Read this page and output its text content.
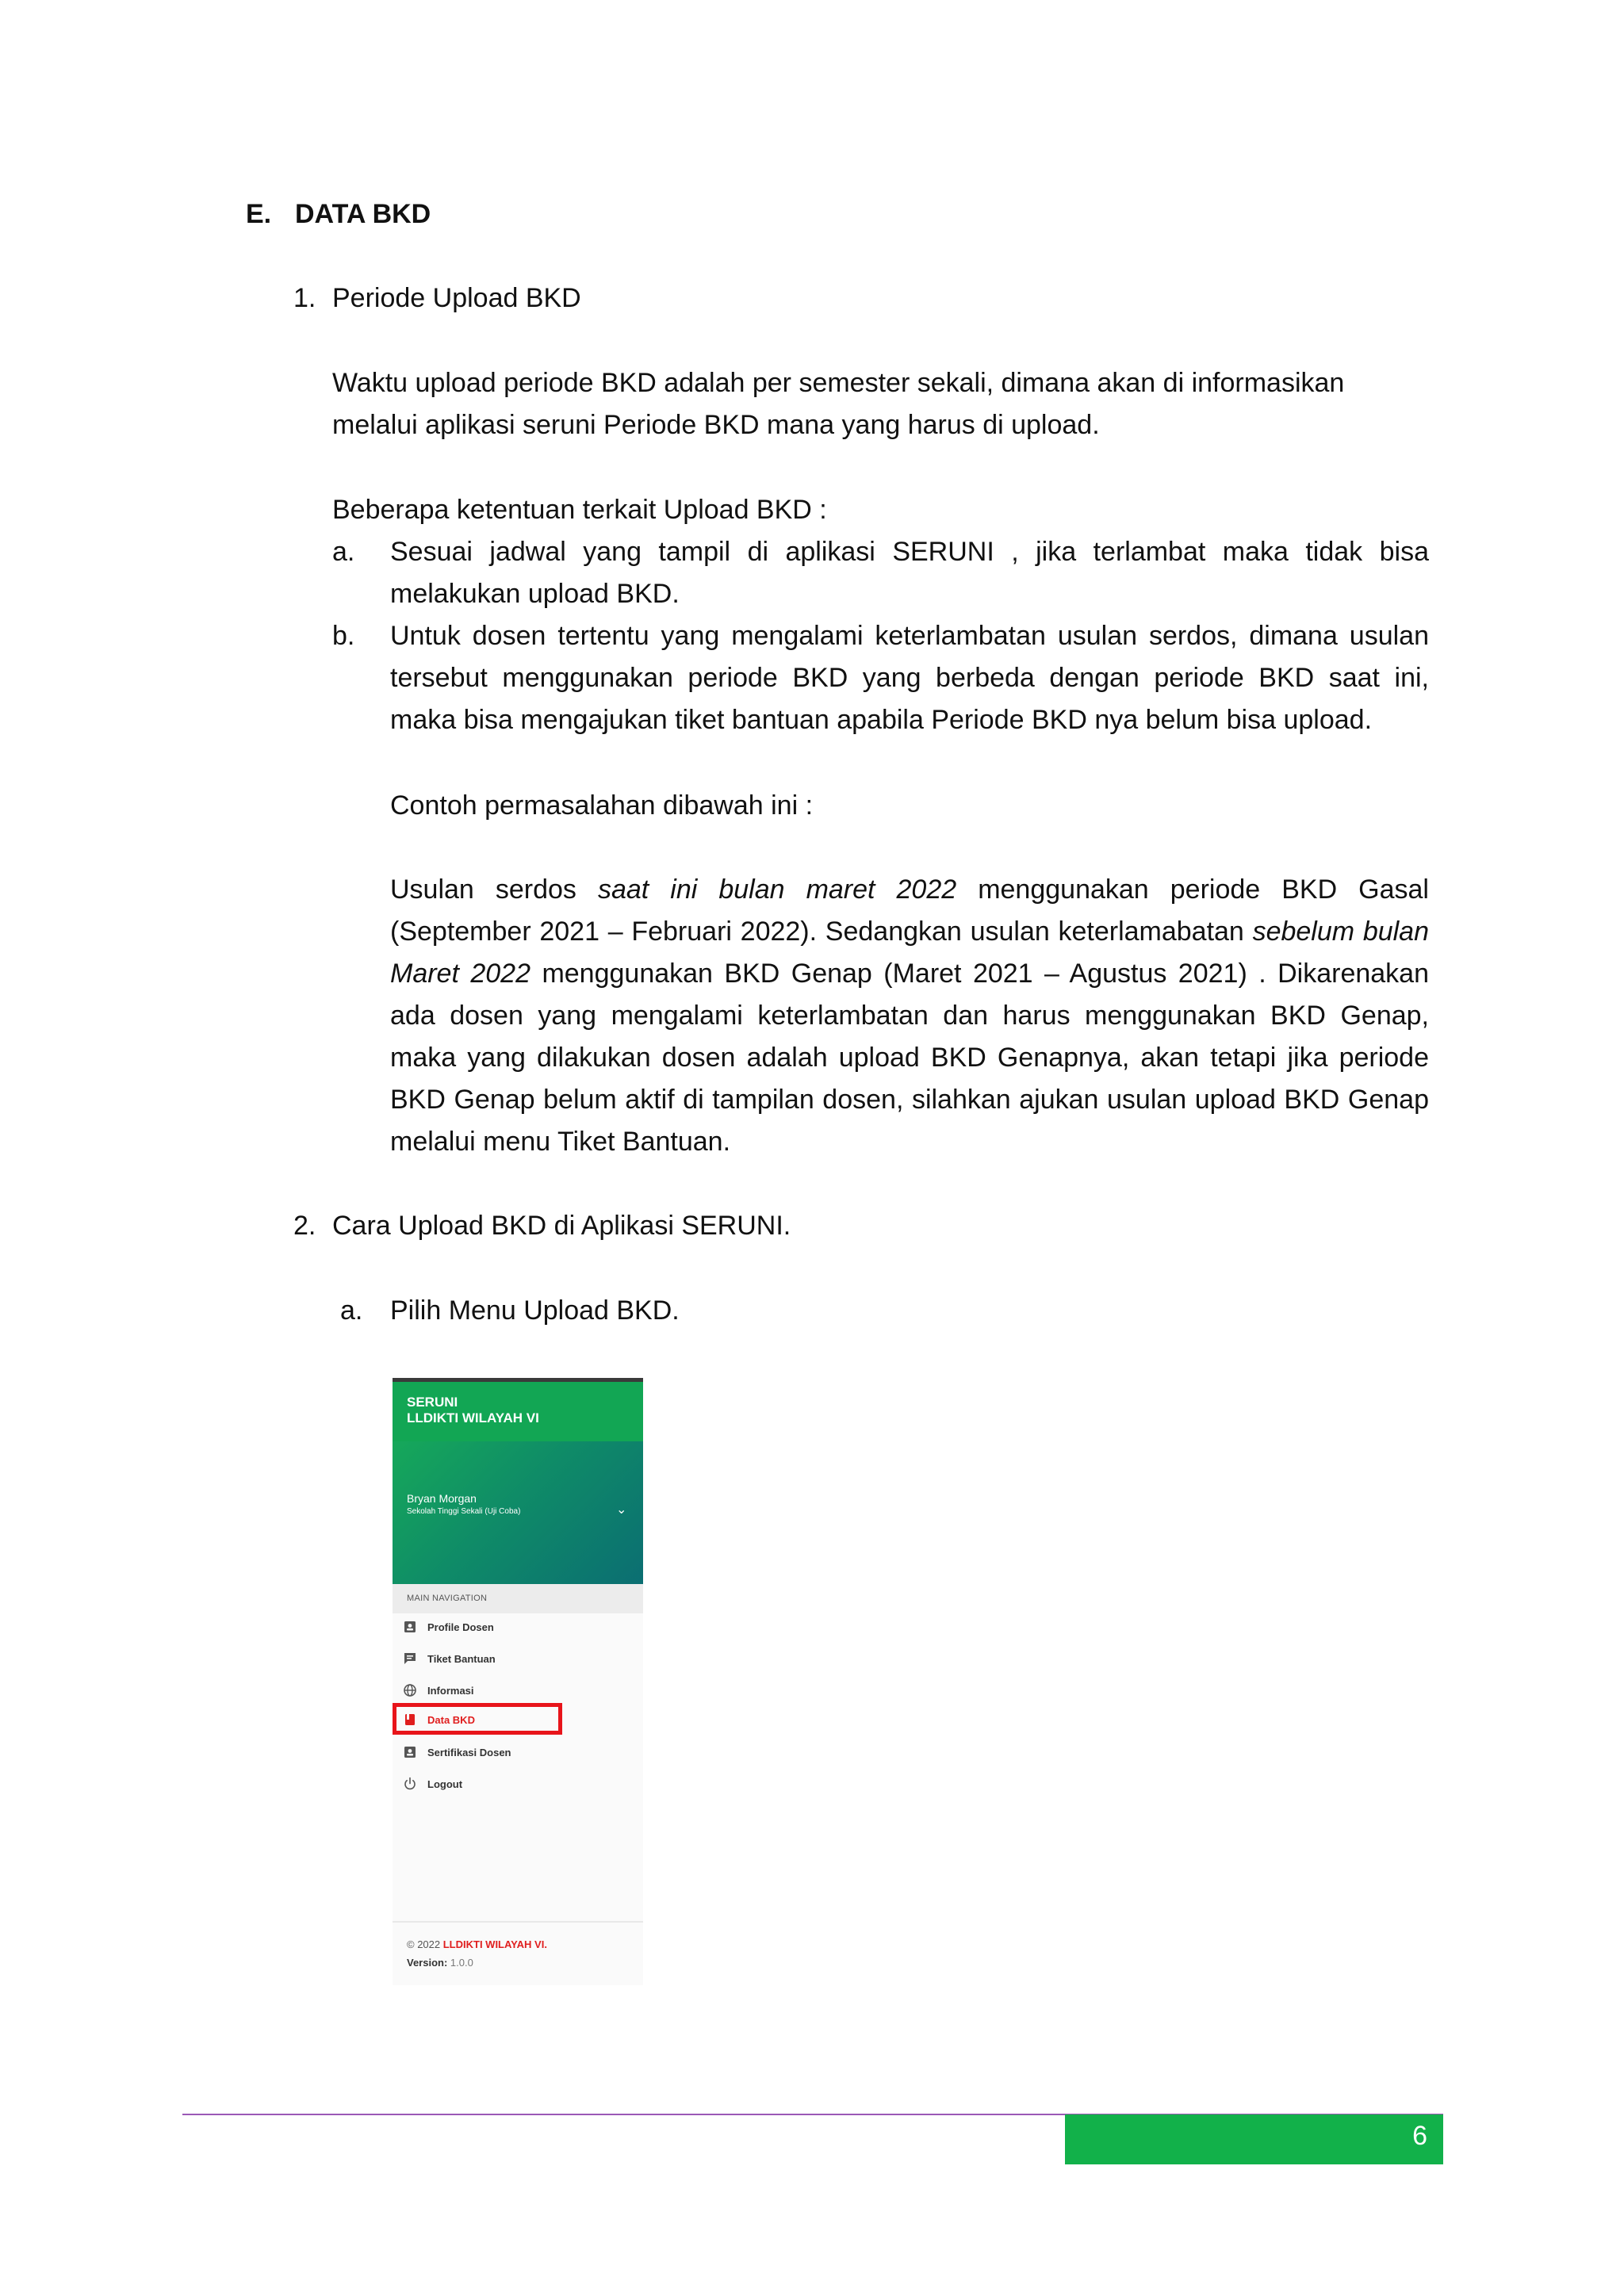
E. DATA BKD
1. Periode Upload BKD
Waktu upload periode BKD adalah per semester sekali, dimana akan di informasikan melalui aplikasi seruni Periode BKD mana yang harus di upload.
Beberapa ketentuan terkait Upload BKD :
a. Sesuai jadwal yang tampil di aplikasi SERUNI , jika terlambat maka tidak bisa melakukan upload BKD.
b. Untuk dosen tertentu yang mengalami keterlambatan usulan serdos, dimana usulan tersebut menggunakan periode BKD yang berbeda dengan periode BKD saat ini, maka bisa mengajukan tiket bantuan apabila Periode BKD nya belum bisa upload.
Contoh permasalahan dibawah ini :
Usulan serdos saat ini bulan maret 2022 menggunakan periode BKD Gasal (September 2021 – Februari 2022). Sedangkan usulan keterlamabatan sebelum bulan Maret 2022 menggunakan BKD Genap (Maret 2021 – Agustus 2021) . Dikarenakan ada dosen yang mengalami keterlambatan dan harus menggunakan BKD Genap, maka yang dilakukan dosen adalah upload BKD Genapnya, akan tetapi jika periode BKD Genap belum aktif di tampilan dosen, silahkan ajukan usulan upload BKD Genap melalui menu Tiket Bantuan.
2. Cara Upload BKD di Aplikasi SERUNI.
a. Pilih Menu Upload BKD.
SERUNI
LLDIKTI WILAYAH VI
Bryan Morgan
Sekolah Tinggi Sekali (Uji Coba)	⌄
MAIN NAVIGATION
Profile Dosen
Tiket Bantuan
Informasi
Data BKD
Sertifikasi Dosen
Logout
© 2022 LLDIKTI WILAYAH VI.
Version: 1.0.0
6
